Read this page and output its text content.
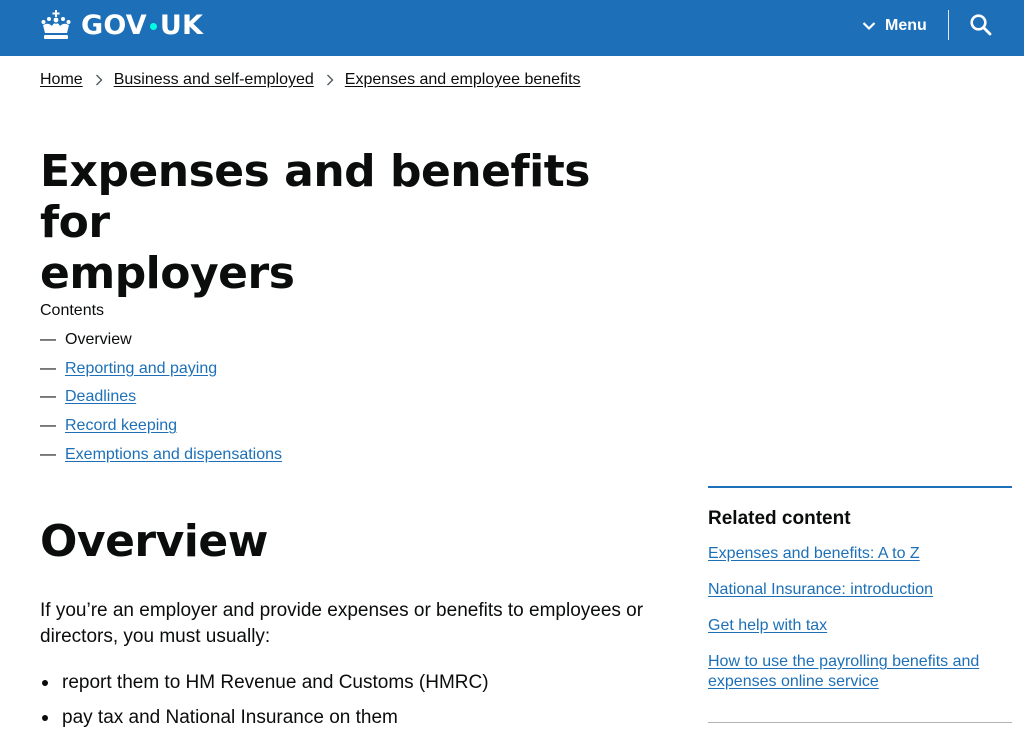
GOV UK	Menu
Home Business and self-employed Expenses and employee benefits
Expenses and benefits for
employers
Contents
— Overview
— Reporting and paying
— Deadlines
— Record keeping
— Exemptions and dispensations
Overview

If you’re an employer and provide expenses or benefits to employees or directors, you must usually:

report them to HM Revenue and Customs (HMRC)
pay tax and National Insurance on them
Related content
Expenses and benefits: A to Z
National Insurance: introduction
Get help with tax
How to use the payrolling benefits and expenses online service
